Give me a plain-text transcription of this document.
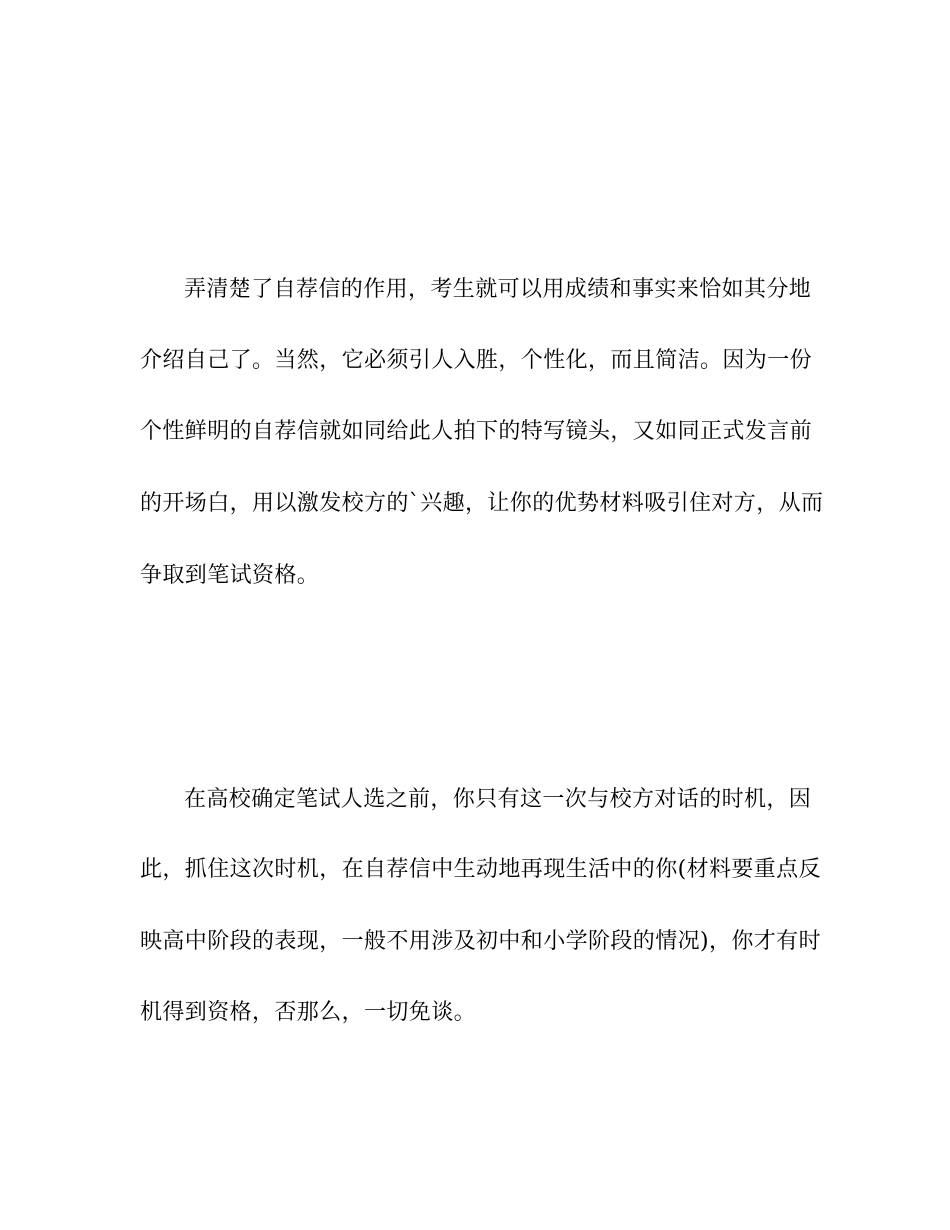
弄清楚了自荐信的作用，考生就可以用成绩和事实来恰如其分地
介绍自己了。当然，它必须引人入胜，个性化，而且简洁。因为一份
个性鲜明的自荐信就如同给此人拍下的特写镜头，又如同正式发言前
的开场白，用以激发校方的`兴趣，让你的优势材料吸引住对方，从而
争取到笔试资格。
在高校确定笔试人选之前，你只有这一次与校方对话的时机，因
此，抓住这次时机，在自荐信中生动地再现生活中的你(材料要重点反
映高中阶段的表现，一般不用涉及初中和小学阶段的情况)，你才有时
机得到资格，否那么，一切免谈。
